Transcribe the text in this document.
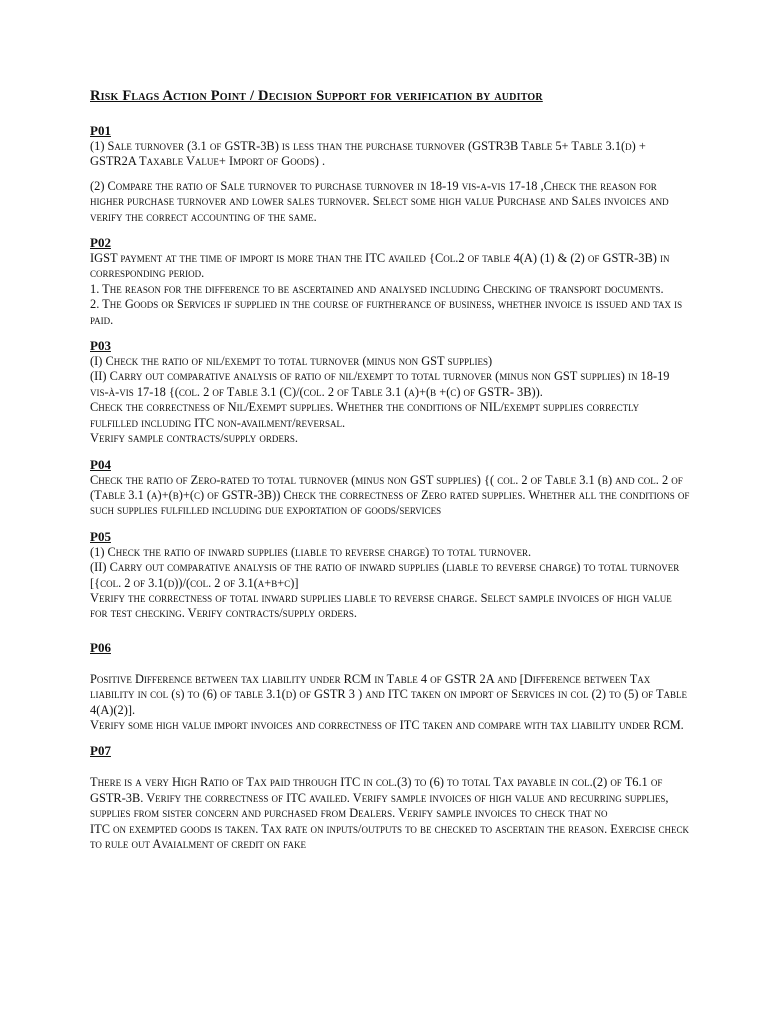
Risk Flags Action Point / Decision Support for verification by auditor
P01

(1) Sale turnover (3.1 of GSTR-3B) is less than the purchase turnover (GSTR3B Table 5+ Table 3.1(d) + GSTR2A Taxable Value+ Import of Goods) .

(2) Compare the ratio of Sale turnover to purchase turnover in 18-19 vis-a-vis 17-18 ,Check the reason for higher purchase turnover and lower sales turnover. Select some high value Purchase and Sales invoices and verify the correct accounting of the same.

P02

IGST payment at the time of import is more than the ITC availed {Col.2 of table 4(A) (1) & (2) of GSTR-3B) in corresponding period.

1. The reason for the difference to be ascertained and analysed including Checking of transport documents.

2. The Goods or Services if supplied in the course of furtherance of business, whether invoice is issued and tax is paid.

P03

(I) Check the ratio of nil/exempt to total turnover (minus non GST supplies)

(II) Carry out comparative analysis of ratio of nil/exempt to total turnover (minus non GST supplies) in 18-19 vis-à-vis 17-18 {(col. 2 of Table 3.1 (C)/(col. 2 of Table 3.1 (a)+(b +(c) of GSTR- 3B)).

Check the correctness of Nil/Exempt supplies. Whether the conditions of NIL/exempt supplies correctly fulfilled including ITC non-availment/reversal.

Verify sample contracts/supply orders.

P04

Check the ratio of Zero-rated to total turnover (minus non GST supplies) {( col. 2 of Table 3.1 (b) and col. 2 of (Table 3.1 (a)+(b)+(c) of GSTR-3B)) Check the correctness of Zero rated supplies. Whether all the conditions of such supplies fulfilled including due exportation of goods/services

P05

(1) Check the ratio of inward supplies (liable to reverse charge) to total turnover.

(II) Carry out comparative analysis of the ratio of inward supplies (liable to reverse charge) to total turnover [{col. 2 of 3.1(d))/(col. 2 of 3.1(a+b+c)]

Verify the correctness of total inward supplies liable to reverse charge. Select sample invoices of high value for test checking. Verify contracts/supply orders.

P06

Positive Difference between tax liability under RCM in Table 4 of GSTR 2A and [Difference between Tax liability in col (s) to (6) of table 3.1(d) of GSTR 3 ) and ITC taken on import of Services in col (2) to (5) of Table 4(A)(2)].

Verify some high value import invoices and correctness of ITC taken and compare with tax liability under RCM.

P07

There is a very High Ratio of Tax paid through ITC in col.(3) to (6) to total Tax payable in col.(2) of T6.1 of GSTR-3B. Verify the correctness of ITC availed. Verify sample invoices of high value and recurring supplies, supplies from sister concern and purchased from Dealers. Verify sample invoices to check that no

ITC on exempted goods is taken. Tax rate on inputs/outputs to be checked to ascertain the reason. Exercise check to rule out Avaialment of credit on fake
